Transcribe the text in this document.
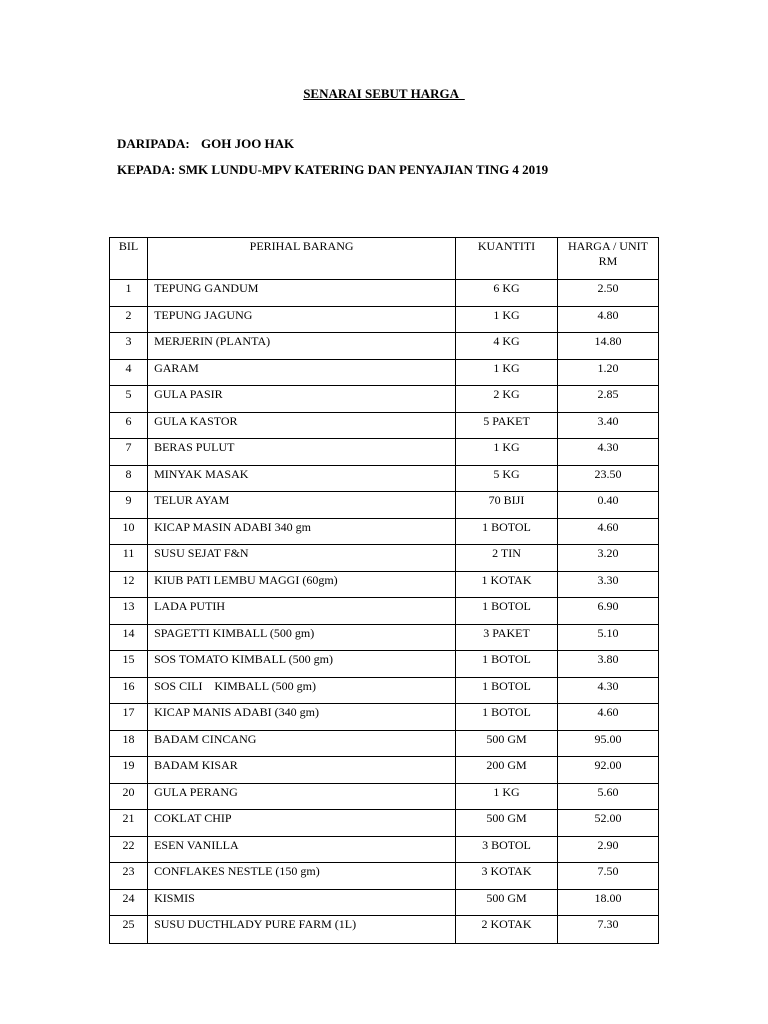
SENARAI SEBUT HARGA
DARIPADA: GOH JOO HAK
KEPADA: SMK LUNDU-MPV KATERING DAN PENYAJIAN TING 4 2019
BIL	PERIHAL BARANG	KUANTITI	HARGA / UNIT
RM
1	TEPUNG GANDUM	6 KG	2.50
2	TEPUNG JAGUNG	1 KG	4.80
3	MERJERIN (PLANTA)	4 KG	14.80
4	GARAM	1 KG	1.20
5	GULA PASIR	2 KG	2.85
6	GULA KASTOR	5 PAKET	3.40
7	BERAS PULUT	1 KG	4.30
8	MINYAK MASAK	5 KG	23.50
9	TELUR AYAM	70 BIJI	0.40
10	KICAP MASIN ADABI 340 gm	1 BOTOL	4.60
11	SUSU SEJAT F&N	2 TIN	3.20
12	KIUB PATI LEMBU MAGGI (60gm)	1 KOTAK	3.30
13	LADA PUTIH	1 BOTOL	6.90
14	SPAGETTI KIMBALL (500 gm)	3 PAKET	5.10
15	SOS TOMATO KIMBALL (500 gm)	1 BOTOL	3.80
16	SOS CILI    KIMBALL (500 gm)	1 BOTOL	4.30
17	KICAP MANIS ADABI (340 gm)	1 BOTOL	4.60
18	BADAM CINCANG	500 GM	95.00
19	BADAM KISAR	200 GM	92.00
20	GULA PERANG	1 KG	5.60
21	COKLAT CHIP	500 GM	52.00
22	ESEN VANILLA	3 BOTOL	2.90
23	CONFLAKES NESTLE (150 gm)	3 KOTAK	7.50
24	KISMIS	500 GM	18.00
25	SUSU DUCTHLADY PURE FARM (1L)	2 KOTAK	7.30
